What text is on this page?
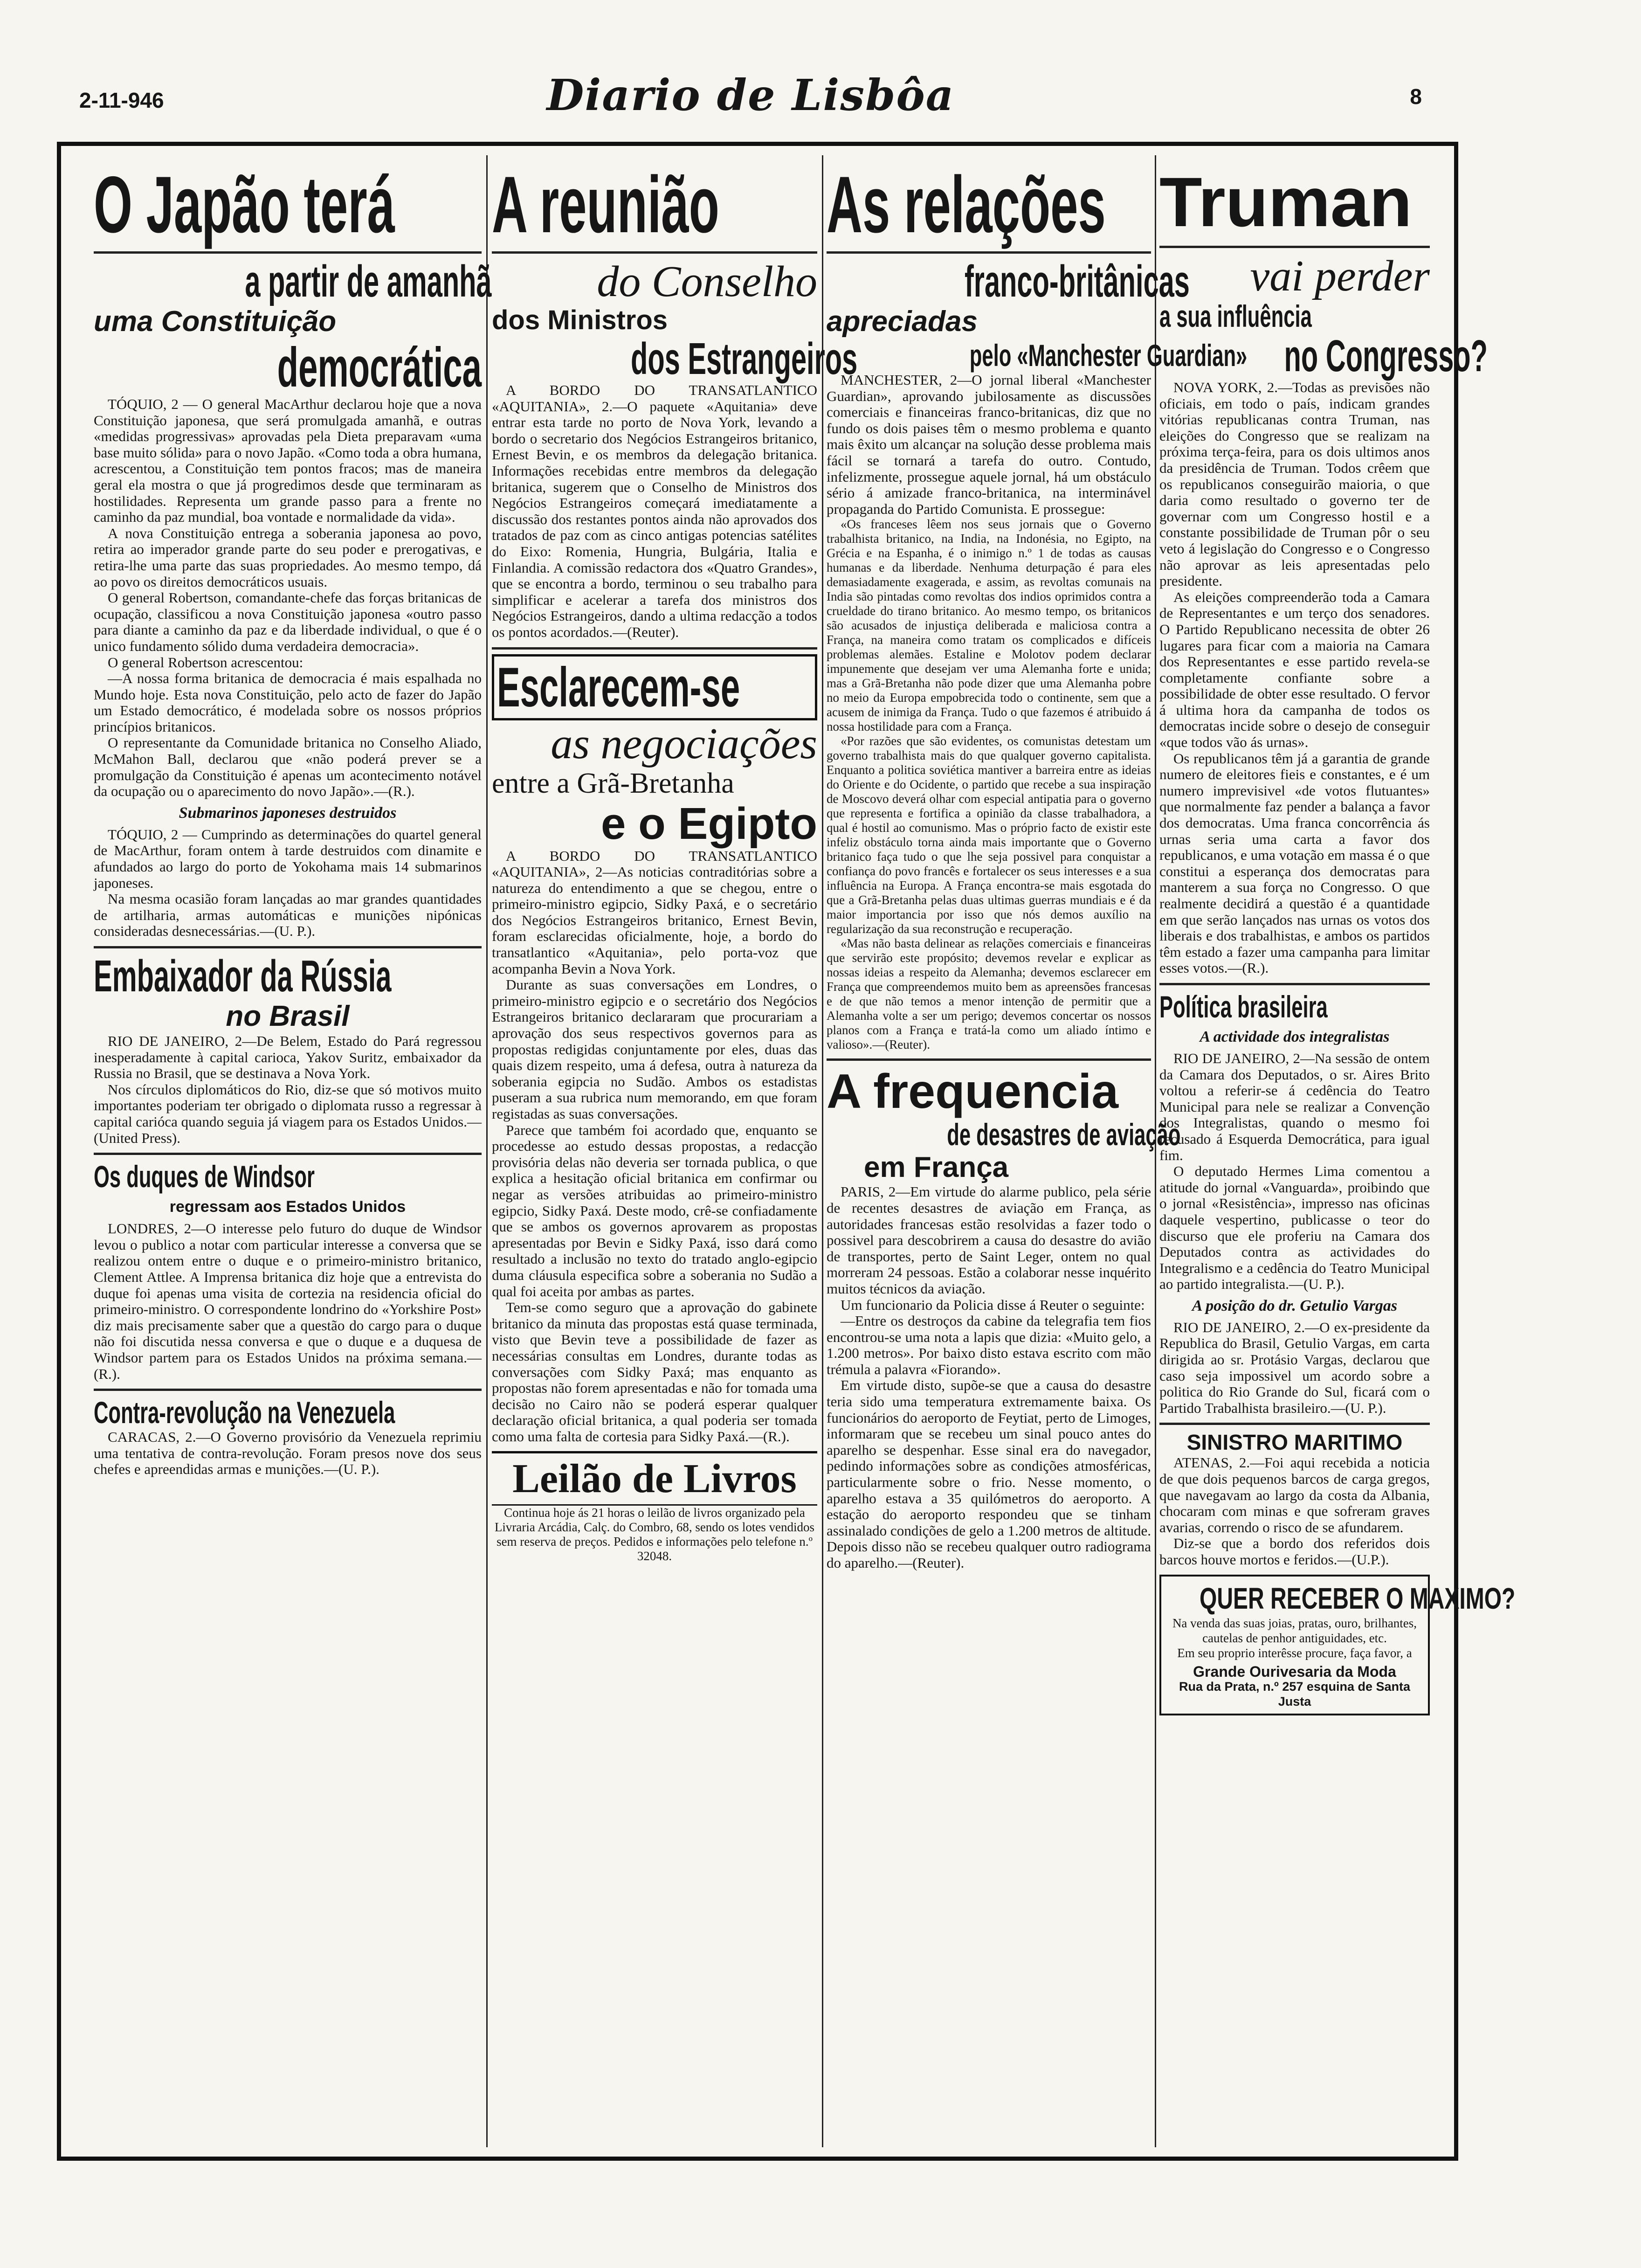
2-11-946	Diario de Lisbôa	8
O Japão terá
a partir de amanhã
uma Constituição
democrática

TÓQUIO, 2 — O general MacArthur declarou hoje que a nova Constituição japonesa, que será promulgada amanhã, e outras «medidas progressivas» aprovadas pela Dieta preparavam «uma base muito sólida» para o novo Japão. «Como toda a obra humana, acrescentou, a Constituição tem pontos fracos; mas de maneira geral ela mostra o que já progredimos desde que terminaram as hostilidades. Representa um grande passo para a frente no caminho da paz mundial, boa vontade e normalidade da vida».

A nova Constituição entrega a soberania japonesa ao povo, retira ao imperador grande parte do seu poder e prerogativas, e retira-lhe uma parte das suas propriedades. Ao mesmo tempo, dá ao povo os direitos democráticos usuais.

O general Robertson, comandante-chefe das forças britanicas de ocupação, classificou a nova Constituição japonesa «outro passo para diante a caminho da paz e da liberdade individual, o que é o unico fundamento sólido duma verdadeira democracia».

O general Robertson acrescentou:

—A nossa forma britanica de democracia é mais espalhada no Mundo hoje. Esta nova Constituição, pelo acto de fazer do Japão um Estado democrático, é modelada sobre os nossos próprios princípios britanicos.

O representante da Comunidade britanica no Conselho Aliado, McMahon Ball, declarou que «não poderá prever se a promulgação da Constituição é apenas um acontecimento notável da ocupação ou o aparecimento do novo Japão».—(R.).

Submarinos japoneses destruidos

TÓQUIO, 2 — Cumprindo as determinações do quartel general de MacArthur, foram ontem à tarde destruidos com dinamite e afundados ao largo do porto de Yokohama mais 14 submarinos japoneses.

Na mesma ocasião foram lançadas ao mar grandes quantidades de artilharia, armas automáticas e munições nipónicas consideradas desnecessárias.—(U. P.).

Embaixador da Rússia
no Brasil

RIO DE JANEIRO, 2—De Belem, Estado do Pará regressou inesperadamente à capital carioca, Yakov Suritz, embaixador da Russia no Brasil, que se destinava a Nova York.

Nos círculos diplomáticos do Rio, diz-se que só motivos muito importantes poderiam ter obrigado o diplomata russo a regressar à capital carióca quando seguia já viagem para os Estados Unidos.—(United Press).

Os duques de Windsor
regressam aos Estados Unidos

LONDRES, 2—O interesse pelo futuro do duque de Windsor levou o publico a notar com particular interesse a conversa que se realizou ontem entre o duque e o primeiro-ministro britanico, Clement Attlee. A Imprensa britanica diz hoje que a entrevista do duque foi apenas uma visita de cortezia na residencia oficial do primeiro-ministro. O correspondente londrino do «Yorkshire Post» diz mais precisamente saber que a questão do cargo para o duque não foi discutida nessa conversa e que o duque e a duquesa de Windsor partem para os Estados Unidos na próxima semana.—(R.).

Contra-revolução na Venezuela

CARACAS, 2.—O Governo provisório da Venezuela reprimiu uma tentativa de contra-revolução. Foram presos nove dos seus chefes e apreendidas armas e munições.—(U. P.).

A reunião
do Conselho
dos Ministros
dos Estrangeiros

A BORDO DO TRANSATLANTICO «AQUITANIA», 2.—O paquete «Aquitania» deve entrar esta tarde no porto de Nova York, levando a bordo o secretario dos Negócios Estrangeiros britanico, Ernest Bevin, e os membros da delegação britanica. Informações recebidas entre membros da delegação britanica, sugerem que o Conselho de Ministros dos Negócios Estrangeiros começará imediatamente a discussão dos restantes pontos ainda não aprovados dos tratados de paz com as cinco antigas potencias satélites do Eixo: Romenia, Hungria, Bulgária, Italia e Finlandia. A comissão redactora dos «Quatro Grandes», que se encontra a bordo, terminou o seu trabalho para simplificar e acelerar a tarefa dos ministros dos Negócios Estrangeiros, dando a ultima redacção a todos os pontos acordados.—(Reuter).

Esclarecem-se
as negociações
entre a Grã-Bretanha
e o Egipto

A BORDO DO TRANSATLANTICO «AQUITANIA», 2—As noticias contraditórias sobre a natureza do entendimento a que se chegou, entre o primeiro-ministro egipcio, Sidky Paxá, e o secretário dos Negócios Estrangeiros britanico, Ernest Bevin, foram esclarecidas oficialmente, hoje, a bordo do transatlantico «Aquitania», pelo porta-voz que acompanha Bevin a Nova York.

Durante as suas conversações em Londres, o primeiro-ministro egipcio e o secretário dos Negócios Estrangeiros britanico declararam que procurariam a aprovação dos seus respectivos governos para as propostas redigidas conjuntamente por eles, duas das quais dizem respeito, uma á defesa, outra à natureza da soberania egipcia no Sudão. Ambos os estadistas puseram a sua rubrica num memorando, em que foram registadas as suas conversações.

Parece que também foi acordado que, enquanto se procedesse ao estudo dessas propostas, a redacção provisória delas não deveria ser tornada publica, o que explica a hesitação oficial britanica em confirmar ou negar as versões atribuidas ao primeiro-ministro egipcio, Sidky Paxá. Deste modo, crê-se confiadamente que se ambos os governos aprovarem as propostas apresentadas por Bevin e Sidky Paxá, isso dará como resultado a inclusão no texto do tratado anglo-egipcio duma cláusula especifica sobre a soberania no Sudão a qual foi aceita por ambas as partes.

Tem-se como seguro que a aprovação do gabinete britanico da minuta das propostas está quase terminada, visto que Bevin teve a possibilidade de fazer as necessárias consultas em Londres, durante todas as conversações com Sidky Paxá; mas enquanto as propostas não forem apresentadas e não for tomada uma decisão no Cairo não se poderá esperar qualquer declaração oficial britanica, a qual poderia ser tomada como uma falta de cortesia para Sidky Paxá.—(R.).

Leilão de Livros
Continua hoje ás 21 horas o leilão de livros organizado pela Livraria Arcádia, Calç. do Combro, 68, sendo os lotes vendidos sem reserva de preços. Pedidos e informações pelo telefone n.º 32048.
As relações
franco-britânicas
apreciadas
pelo «Manchester Guardian»

MANCHESTER, 2—O jornal liberal «Manchester Guardian», aprovando jubilosamente as discussões comerciais e financeiras franco-britanicas, diz que no fundo os dois paises têm o mesmo problema e quanto mais êxito um alcançar na solução desse problema mais fácil se tornará a tarefa do outro. Contudo, infelizmente, prossegue aquele jornal, há um obstáculo sério á amizade franco-britanica, na interminável propaganda do Partido Comunista. E prossegue:

«Os franceses lêem nos seus jornais que o Governo trabalhista britanico, na India, na Indonésia, no Egipto, na Grécia e na Espanha, é o inimigo n.º 1 de todas as causas humanas e da liberdade. Nenhuma deturpação é para eles demasiadamente exagerada, e assim, as revoltas comunais na India são pintadas como revoltas dos indios oprimidos contra a crueldade do tirano britanico. Ao mesmo tempo, os britanicos são acusados de injustiça deliberada e maliciosa contra a França, na maneira como tratam os complicados e difíceis problemas alemães. Estaline e Molotov podem declarar impunemente que desejam ver uma Alemanha forte e unida; mas a Grã-Bretanha não pode dizer que uma Alemanha pobre no meio da Europa empobrecida todo o continente, sem que a acusem de inimiga da França. Tudo o que fazemos é atribuido á nossa hostilidade para com a França.

«Por razões que são evidentes, os comunistas detestam um governo trabalhista mais do que qualquer governo capitalista. Enquanto a politica soviética mantiver a barreira entre as ideias do Oriente e do Ocidente, o partido que recebe a sua inspiração de Moscovo deverá olhar com especial antipatia para o governo que representa e fortifica a opinião da classe trabalhadora, a qual é hostil ao comunismo. Mas o próprio facto de existir este infeliz obstáculo torna ainda mais importante que o Governo britanico faça tudo o que lhe seja possivel para conquistar a confiança do povo francês e fortalecer os seus interesses e a sua influência na Europa. A França encontra-se mais esgotada do que a Grã-Bretanha pelas duas ultimas guerras mundiais e é da maior importancia por isso que nós demos auxílio na regularização da sua reconstrução e recuperação.

«Mas não basta delinear as relações comerciais e financeiras que servirão este propósito; devemos revelar e explicar as nossas ideias a respeito da Alemanha; devemos esclarecer em França que compreendemos muito bem as apreensões francesas e de que não temos a menor intenção de permitir que a Alemanha volte a ser um perigo; devemos concertar os nossos planos com a França e tratá-la como um aliado íntimo e valioso».—(Reuter).

A frequencia
de desastres de aviação
em França

PARIS, 2—Em virtude do alarme publico, pela série de recentes desastres de aviação em França, as autoridades francesas estão resolvidas a fazer todo o possivel para descobrirem a causa do desastre do avião de transportes, perto de Saint Leger, ontem no qual morreram 24 pessoas. Estão a colaborar nesse inquérito muitos técnicos da aviação.

Um funcionario da Policia disse á Reuter o seguinte:

—Entre os destroços da cabine da telegrafia tem fios encontrou-se uma nota a lapis que dizia: «Muito gelo, a 1.200 metros». Por baixo disto estava escrito com mão trémula a palavra «Fiorando».

Em virtude disto, supõe-se que a causa do desastre teria sido uma temperatura extremamente baixa. Os funcionários do aeroporto de Feytiat, perto de Limoges, informaram que se recebeu um sinal pouco antes do aparelho se despenhar. Esse sinal era do navegador, pedindo informações sobre as condições atmosféricas, particularmente sobre o frio. Nesse momento, o aparelho estava a 35 quilómetros do aeroporto. A estação do aeroporto respondeu que se tinham assinalado condições de gelo a 1.200 metros de altitude. Depois disso não se recebeu qualquer outro radiograma do aparelho.—(Reuter).

Truman
vai perder
a sua influência
no Congresso?

NOVA YORK, 2.—Todas as previsões não oficiais, em todo o país, indicam grandes vitórias republicanas contra Truman, nas eleições do Congresso que se realizam na próxima terça-feira, para os dois ultimos anos da presidência de Truman. Todos crêem que os republicanos conseguirão maioria, o que daria como resultado o governo ter de governar com um Congresso hostil e a constante possibilidade de Truman pôr o seu veto á legislação do Congresso e o Congresso não aprovar as leis apresentadas pelo presidente.

As eleições compreenderão toda a Camara de Representantes e um terço dos senadores. O Partido Republicano necessita de obter 26 lugares para ficar com a maioria na Camara dos Representantes e esse partido revela-se completamente confiante sobre a possibilidade de obter esse resultado. O fervor á ultima hora da campanha de todos os democratas incide sobre o desejo de conseguir «que todos vão ás urnas».

Os republicanos têm já a garantia de grande numero de eleitores fieis e constantes, e é um numero imprevisivel «de votos flutuantes» que normalmente faz pender a balança a favor dos democratas. Uma franca concorrência ás urnas seria uma carta a favor dos republicanos, e uma votação em massa é o que constitui a esperança dos democratas para manterem a sua força no Congresso. O que realmente decidirá a questão é a quantidade em que serão lançados nas urnas os votos dos liberais e dos trabalhistas, e ambos os partidos têm estado a fazer uma campanha para limitar esses votos.—(R.).

Política brasileira
A actividade dos integralistas

RIO DE JANEIRO, 2—Na sessão de ontem da Camara dos Deputados, o sr. Aires Brito voltou a referir-se á cedência do Teatro Municipal para nele se realizar a Convenção dos Integralistas, quando o mesmo foi recusado á Esquerda Democrática, para igual fim.

O deputado Hermes Lima comentou a atitude do jornal «Vanguarda», proibindo que o jornal «Resistência», impresso nas oficinas daquele vespertino, publicasse o teor do discurso que ele proferiu na Camara dos Deputados contra as actividades do Integralismo e a cedência do Teatro Municipal ao partido integralista.—(U. P.).

A posição do dr. Getulio Vargas

RIO DE JANEIRO, 2.—O ex-presidente da Republica do Brasil, Getulio Vargas, em carta dirigida ao sr. Protásio Vargas, declarou que caso seja impossivel um acordo sobre a politica do Rio Grande do Sul, ficará com o Partido Trabalhista brasileiro.—(U. P.).

SINISTRO MARITIMO

ATENAS, 2.—Foi aqui recebida a noticia de que dois pequenos barcos de carga gregos, que navegavam ao largo da costa da Albania, chocaram com minas e que sofreram graves avarias, correndo o risco de se afundarem.

Diz-se que a bordo dos referidos dois barcos houve mortos e feridos.—(U.P.).

QUER RECEBER O MAXIMO?

Na venda das suas joias, pratas, ouro, brilhantes, cautelas de penhor antiguidades, etc.

Em seu proprio interêsse procure, faça favor, a

Grande Ourivesaria da Moda

Rua da Prata, n.º 257 esquina de Santa Justa
